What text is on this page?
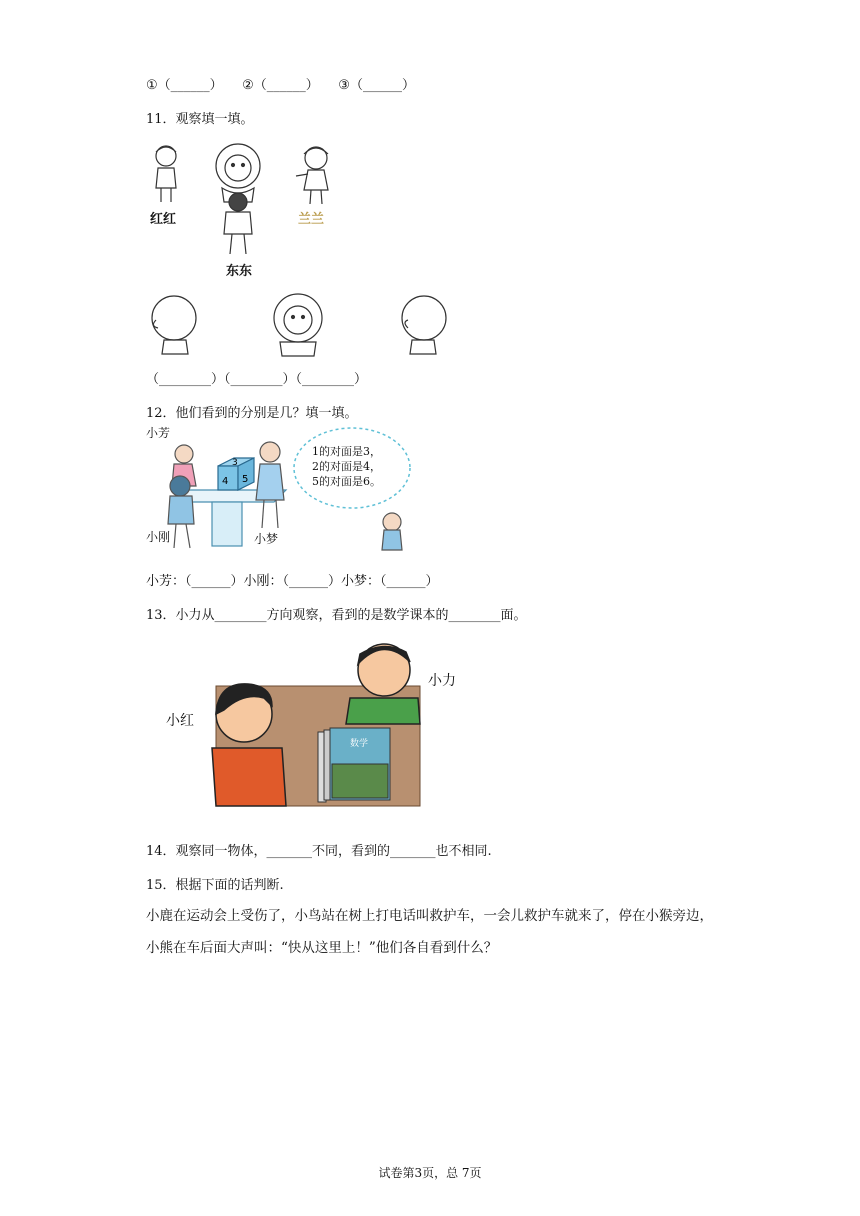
①（______）　　②（______）　　③（______）
11．观察填一填。
红红
东东
兰兰
（________）（________）（________）
12．他们看到的分别是几？填一填。
4 5
3
小芳
小刚	小梦
1的对面是3，
2的对面是4，
5的对面是6。
小芳：（______）小刚：（______）小梦：（______）
13．小力从________方向观察，看到的是数学课本的________面。
数学
小力
小红
14．观察同一物体，_______不同，看到的_______也不相同.
15．根据下面的话判断.
小鹿在运动会上受伤了，小鸟站在树上打电话叫救护车，一会儿救护车就来了，停在小猴旁边，小熊在车后面大声叫：“快从这里上！”他们各自看到什么？
试卷第3页，总 7页
